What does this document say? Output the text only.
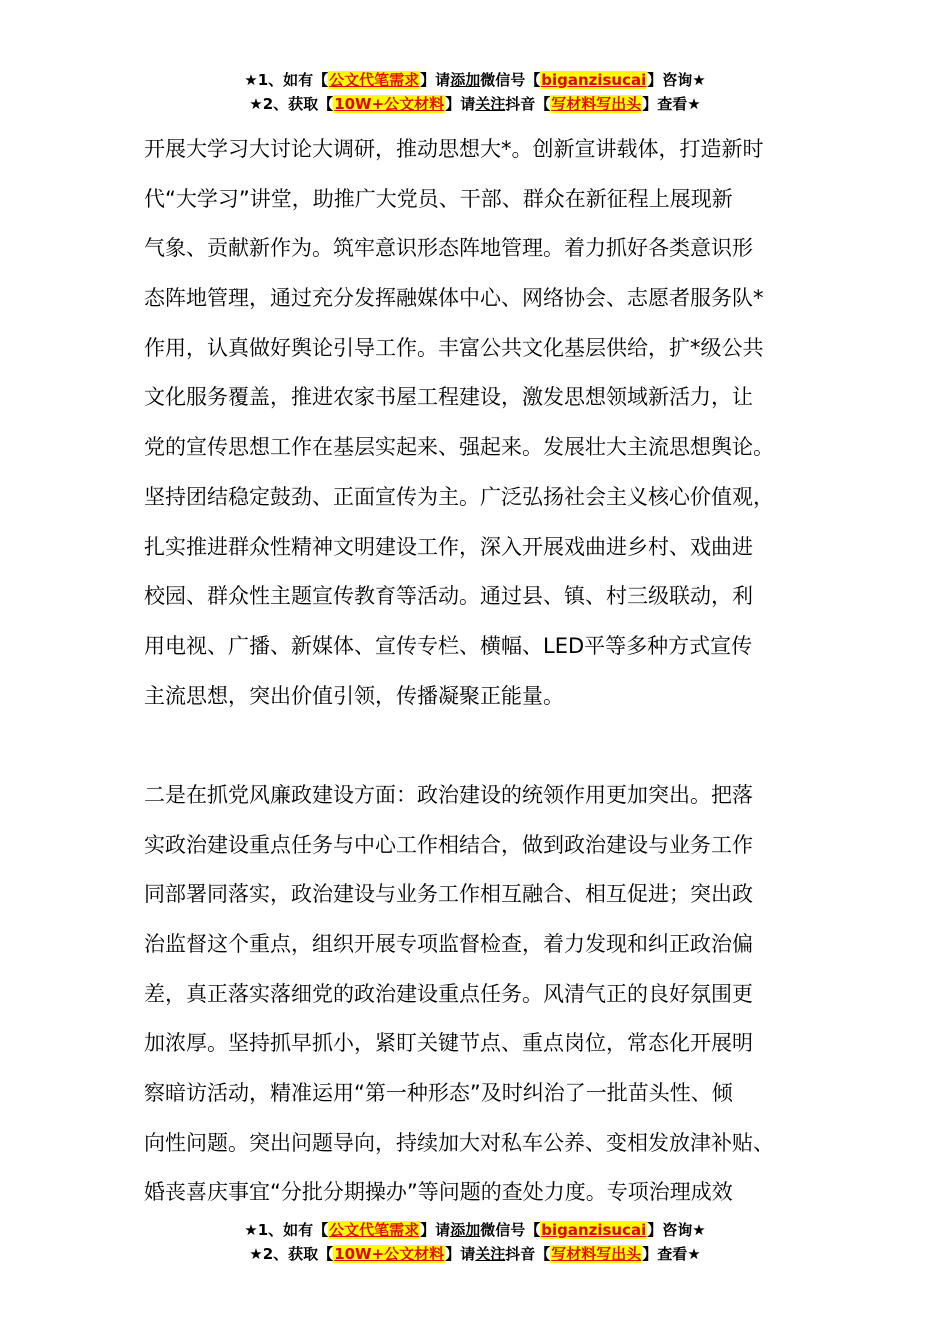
★1、如有【公文代笔需求】请添加微信号【biganzisucai】咨询★
★2、获取【10W+公文材料】请关注抖音【写材料写出头】查看★
开展大学习大讨论大调研，推动思想大*。创新宣讲载体，打造新时
代“大学习”讲堂，助推广大党员、干部、群众在新征程上展现新
气象、贡献新作为。筑牢意识形态阵地管理。着力抓好各类意识形
态阵地管理，通过充分发挥融媒体中心、网络协会、志愿者服务队*
作用，认真做好舆论引导工作。丰富公共文化基层供给，扩*级公共
文化服务覆盖，推进农家书屋工程建设，激发思想领域新活力，让
党的宣传思想工作在基层实起来、强起来。发展壮大主流思想舆论。
坚持团结稳定鼓劲、正面宣传为主。广泛弘扬社会主义核心价值观，
扎实推进群众性精神文明建设工作，深入开展戏曲进乡村、戏曲进
校园、群众性主题宣传教育等活动。通过县、镇、村三级联动，利
用电视、广播、新媒体、宣传专栏、横幅、LED平等多种方式宣传
主流思想，突出价值引领，传播凝聚正能量。
二是在抓党风廉政建设方面：政治建设的统领作用更加突出。把落
实政治建设重点任务与中心工作相结合，做到政治建设与业务工作
同部署同落实，政治建设与业务工作相互融合、相互促进；突出政
治监督这个重点，组织开展专项监督检查，着力发现和纠正政治偏
差，真正落实落细党的政治建设重点任务。风清气正的良好氛围更
加浓厚。坚持抓早抓小，紧盯关键节点、重点岗位，常态化开展明
察暗访活动，精准运用“第一种形态”及时纠治了一批苗头性、倾
向性问题。突出问题导向，持续加大对私车公养、变相发放津补贴、
婚丧喜庆事宜“分批分期操办”等问题的查处力度。专项治理成效
★1、如有【公文代笔需求】请添加微信号【biganzisucai】咨询★
★2、获取【10W+公文材料】请关注抖音【写材料写出头】查看★
